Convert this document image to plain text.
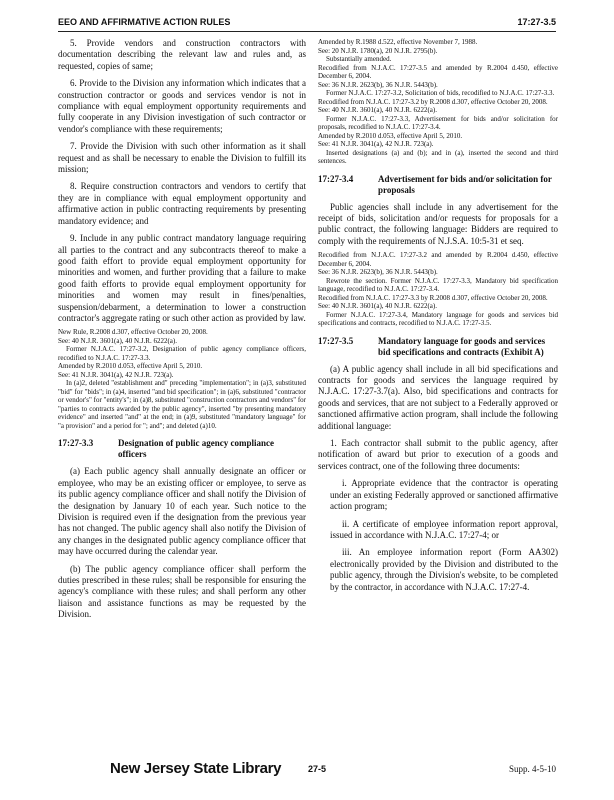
EEO AND AFFIRMATIVE ACTION RULES	17:27-3.5

5. Provide vendors and construction contractors with documentation describing the relevant law and rules and, as requested, copies of same;

6. Provide to the Division any information which indicates that a construction contractor or goods and services vendor is not in compliance with equal employment opportunity requirements and fully cooperate in any Division investigation of such contractor or vendor's compliance with these requirements;

7. Provide the Division with such other information as it shall request and as shall be necessary to enable the Division to fulfill its mission;

8. Require construction contractors and vendors to certify that they are in compliance with equal employment opportunity and affirmative action in public contracting requirements by presenting mandatory evidence; and

9. Include in any public contract mandatory language requiring all parties to the contract and any subcontracts thereof to make a good faith effort to provide equal employment opportunity for minorities and women, and further providing that a failure to make good faith efforts to provide equal employment opportunity for minorities and women may result in fines/penalties, suspension/debarment, a determination to lower a construction contractor's aggregate rating or such other action as provided by law.

New Rule, R.2008 d.307, effective October 20, 2008.

See: 40 N.J.R. 3601(a), 40 N.J.R. 6222(a).

Former N.J.A.C. 17:27-3.2, Designation of public agency compliance officers, recodified to N.J.A.C. 17:27-3.3.

Amended by R.2010 d.053, effective April 5, 2010.

See: 41 N.J.R. 3041(a), 42 N.J.R. 723(a).

In (a)2, deleted "establishment and" preceding "implementation"; in (a)3, substituted "bid" for "bids"; in (a)4, inserted "and bid specification"; in (a)6, substituted "contractor or vendor's" for "entity's"; in (a)8, substituted "construction contractors and vendors" for "parties to contracts awarded by the public agency", inserted "by presenting mandatory evidence" and inserted "and" at the end; in (a)9, substituted "mandatory language" for "a provision" and a period for "; and"; and deleted (a)10.

17:27-3.3	Designation of public agency compliance officers

(a) Each public agency shall annually designate an officer or employee, who may be an existing officer or employee, to serve as its public agency compliance officer and shall notify the Division of the designation by January 10 of each year. Such notice to the Division is required even if the designation from the previous year has not changed. The public agency shall also notify the Division of any changes in the designated public agency compliance officer that may have occurred during the calendar year.

(b) The public agency compliance officer shall perform the duties prescribed in these rules; shall be responsible for ensuring the agency's compliance with these rules; and shall perform any other liaison and assistance functions as may be requested by the Division.

Amended by R.1988 d.522, effective November 7, 1988.

See: 20 N.J.R. 1780(a), 20 N.J.R. 2795(b).

Substantially amended.

Recodified from N.J.A.C. 17:27-3.5 and amended by R.2004 d.450, effective December 6, 2004.

See: 36 N.J.R. 2623(b), 36 N.J.R. 5443(b).

Former N.J.A.C. 17:27-3.2, Solicitation of bids, recodified to N.J.A.C. 17:27-3.3.

Recodified from N.J.A.C. 17:27-3.2 by R.2008 d.307, effective October 20, 2008.

See: 40 N.J.R. 3601(a), 40 N.J.R. 6222(a).

Former N.J.A.C. 17:27-3.3, Advertisement for bids and/or solicitation for proposals, recodified to N.J.A.C. 17:27-3.4.

Amended by R.2010 d.053, effective April 5, 2010.

See: 41 N.J.R. 3041(a), 42 N.J.R. 723(a).

Inserted designations (a) and (b); and in (a), inserted the second and third sentences.

17:27-3.4	Advertisement for bids and/or solicitation for proposals

Public agencies shall include in any advertisement for the receipt of bids, solicitation and/or requests for proposals for a public contract, the following language: Bidders are required to comply with the requirements of N.J.S.A. 10:5-31 et seq.

Recodified from N.J.A.C. 17:27-3.2 and amended by R.2004 d.450, effective December 6, 2004.

See: 36 N.J.R. 2623(b), 36 N.J.R. 5443(b).

Rewrote the section. Former N.J.A.C. 17:27-3.3, Mandatory bid specification language, recodified to N.J.A.C. 17:27-3.4.

Recodified from N.J.A.C. 17:27-3.3 by R.2008 d.307, effective October 20, 2008.

See: 40 N.J.R. 3601(a), 40 N.J.R. 6222(a).

Former N.J.A.C. 17:27-3.4, Mandatory language for goods and services bid specifications and contracts, recodified to N.J.A.C. 17:27-3.5.

17:27-3.5	Mandatory language for goods and services bid specifications and contracts (Exhibit A)

(a) A public agency shall include in all bid specifications and contracts for goods and services the language required by N.J.A.C. 17:27-3.7(a). Also, bid specifications and contracts for goods and services, that are not subject to a Federally approved or sanctioned affirmative action program, shall include the following additional language:

1. Each contractor shall submit to the public agency, after notification of award but prior to execution of a goods and services contract, one of the following three documents:

i. Appropriate evidence that the contractor is operating under an existing Federally approved or sanctioned affirmative action program;

ii. A certificate of employee information report approval, issued in accordance with N.J.A.C. 17:27-4; or

iii. An employee information report (Form AA302) electronically provided by the Division and distributed to the public agency, through the Division's website, to be completed by the contractor, in accordance with N.J.A.C. 17:27-4.

New Jersey State Library	27-5	Supp. 4-5-10
